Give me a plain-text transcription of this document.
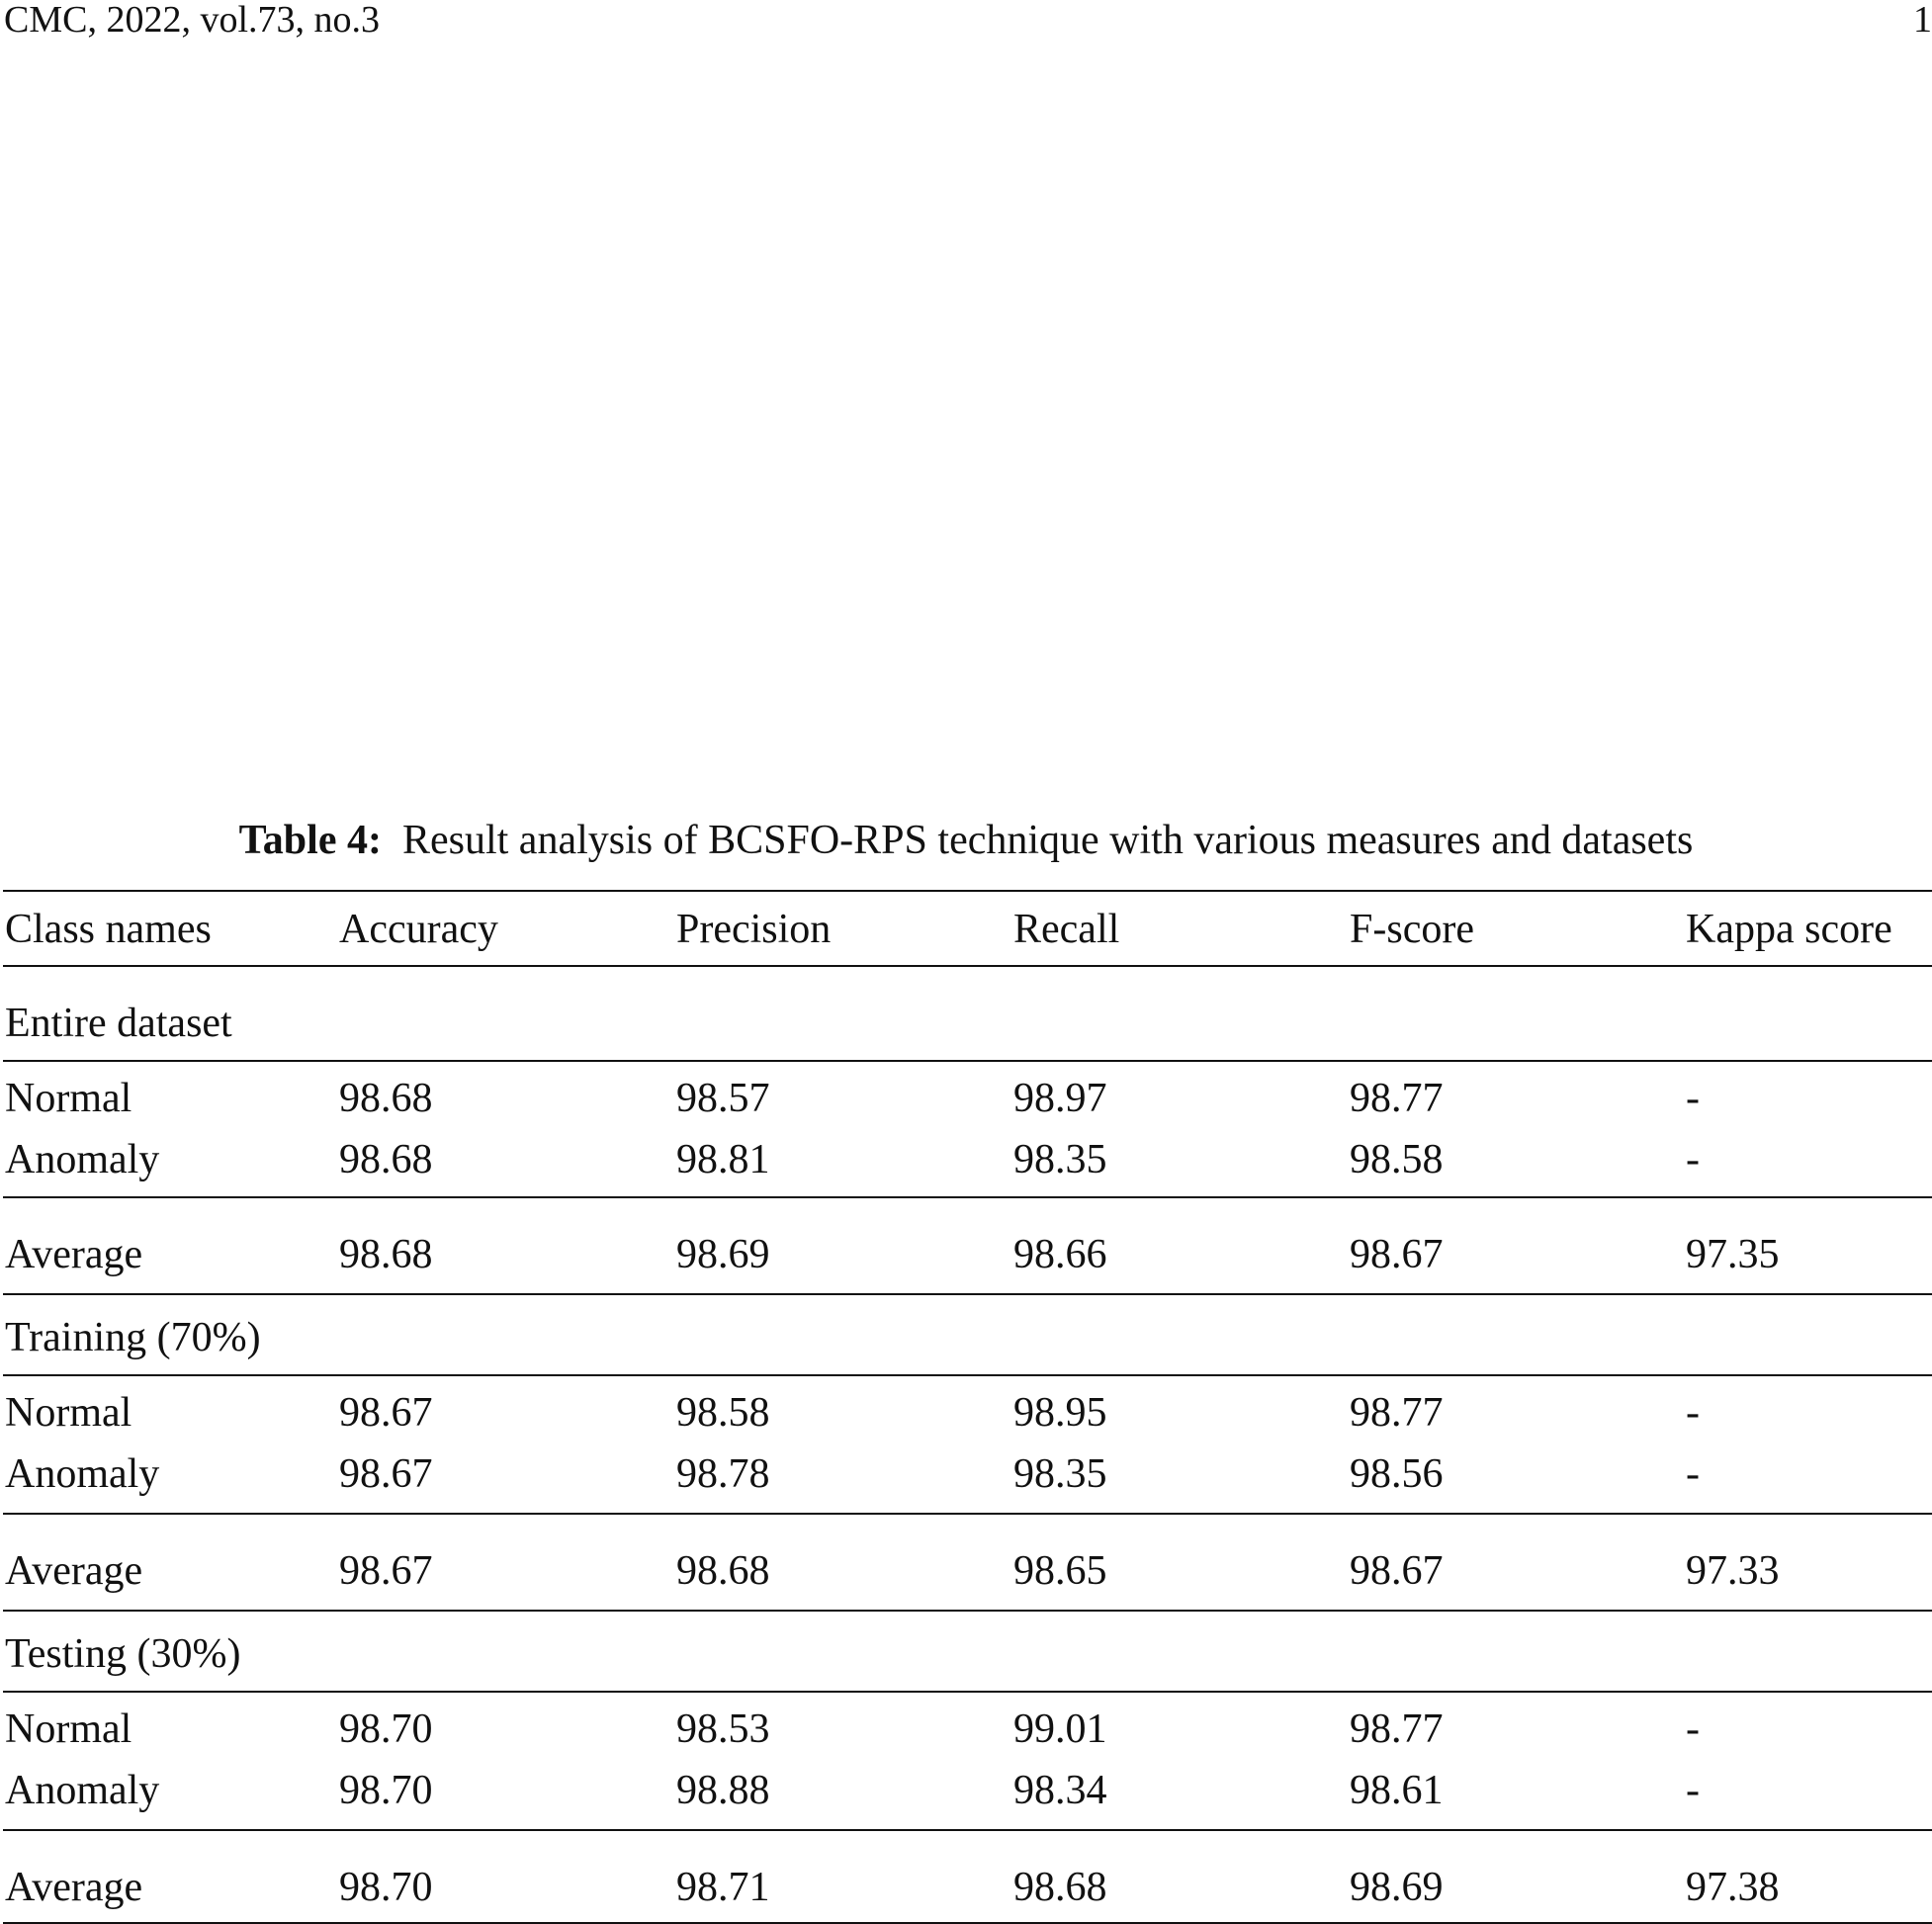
CMC, 2022, vol.73, no.3	1
Table 4: Result analysis of BCSFO-RPS technique with various measures and datasets
Class names	Accuracy	Precision	Recall	F-score	Kappa score
Entire dataset
Normal	98.68	98.57	98.97	98.77	-
Anomaly	98.68	98.81	98.35	98.58	-
Average	98.68	98.69	98.66	98.67	97.35
Training (70%)
Normal	98.67	98.58	98.95	98.77	-
Anomaly	98.67	98.78	98.35	98.56	-
Average	98.67	98.68	98.65	98.67	97.33
Testing (30%)
Normal	98.70	98.53	99.01	98.77	-
Anomaly	98.70	98.88	98.34	98.61	-
Average	98.70	98.71	98.68	98.69	97.38
